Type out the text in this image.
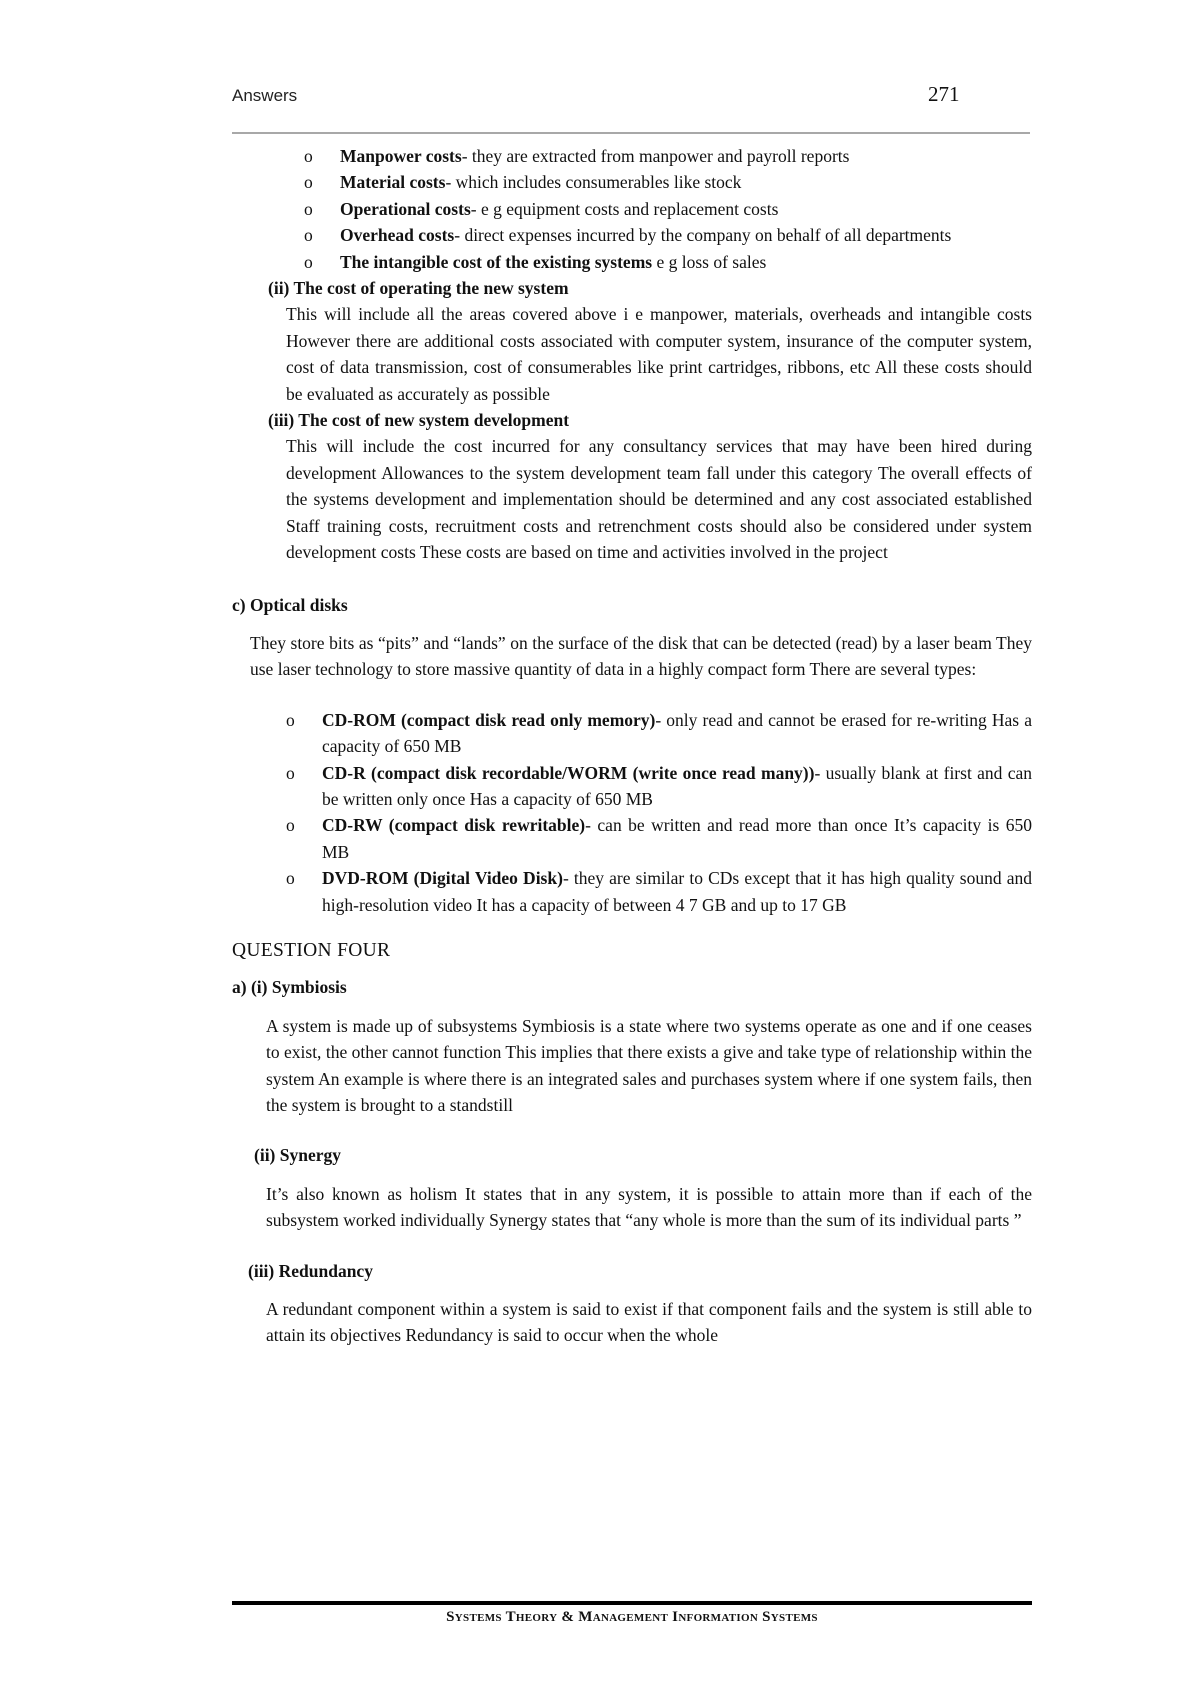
Answers	271
o Manpower costs- they are extracted from manpower and payroll reports
o Material costs- which includes consumerables like stock
o Operational costs- e g equipment costs and replacement costs
o Overhead costs- direct expenses incurred by the company on behalf of all departments
o The intangible cost of the existing systems e g loss of sales
(ii) The cost of operating the new system
This will include all the areas covered above i e manpower, materials, overheads and intangible costs However there are additional costs associated with computer system, insurance of the computer system, cost of data transmission, cost of consumerables like print cartridges, ribbons, etc All these costs should be evaluated as accurately as possible
(iii) The cost of new system development
This will include the cost incurred for any consultancy services that may have been hired during development Allowances to the system development team fall under this category The overall effects of the systems development and implementation should be determined and any cost associated established Staff training costs, recruitment costs and retrenchment costs should also be considered under system development costs These costs are based on time and activities involved in the project
c) Optical disks
They store bits as “pits” and “lands” on the surface of the disk that can be detected (read) by a laser beam They use laser technology to store massive quantity of data in a highly compact form There are several types:
o CD-ROM (compact disk read only memory)- only read and cannot be erased for re-writing Has a capacity of 650 MB
o CD-R (compact disk recordable/WORM (write once read many))- usually blank at first and can be written only once Has a capacity of 650 MB
o CD-RW (compact disk rewritable)- can be written and read more than once It’s capacity is 650 MB
o DVD-ROM (Digital Video Disk)- they are similar to CDs except that it has high quality sound and high-resolution video It has a capacity of between 4 7 GB and up to 17 GB
QUESTION FOUR
a) (i) Symbiosis
A system is made up of subsystems Symbiosis is a state where two systems operate as one and if one ceases to exist, the other cannot function This implies that there exists a give and take type of relationship within the system An example is where there is an integrated sales and purchases system where if one system fails, then the system is brought to a standstill
(ii) Synergy
It’s also known as holism It states that in any system, it is possible to attain more than if each of the subsystem worked individually Synergy states that “any whole is more than the sum of its individual parts ”
(iii) Redundancy
A redundant component within a system is said to exist if that component fails and the system is still able to attain its objectives Redundancy is said to occur when the whole
Systems Theory & Management Information Systems
